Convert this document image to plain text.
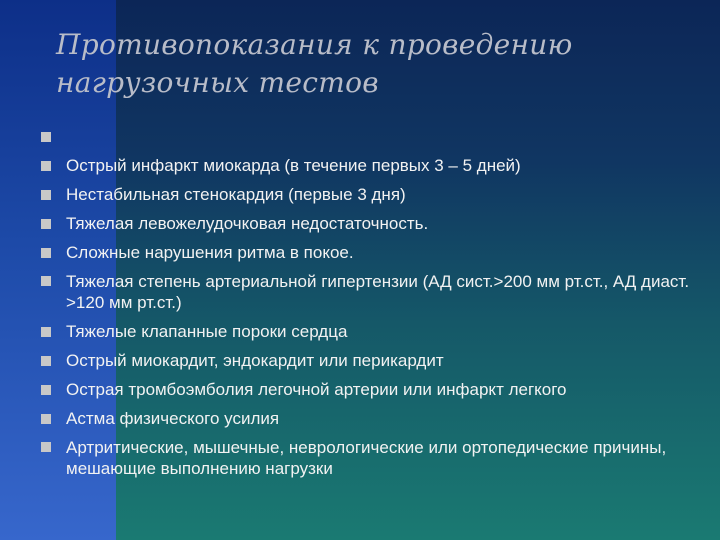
Противопоказания к проведению
нагрузочных тестов
Острый инфаркт миокарда (в течение первых 3 – 5 дней)
Нестабильная стенокардия (первые 3 дня)
Тяжелая левожелудочковая недостаточность.
Сложные нарушения ритма в покое.
Тяжелая степень артериальной гипертензии (АД сист.>200 мм рт.ст., АД диаст. >120 мм рт.ст.)
Тяжелые клапанные пороки сердца
Острый миокардит, эндокардит или перикардит
Острая тромбоэмболия легочной артерии или инфаркт легкого
Астма физического усилия
Артритические, мышечные, неврологические или ортопедические причины, мешающие выполнению нагрузки
